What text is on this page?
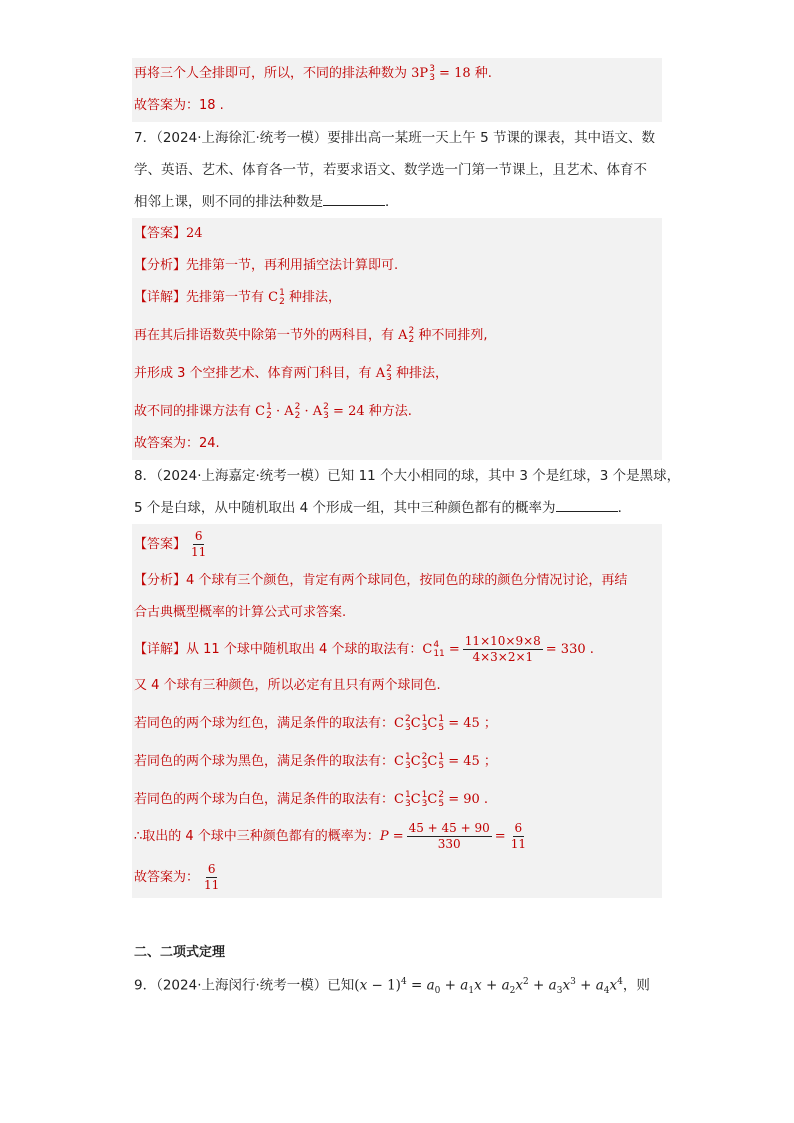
再将三个人全排即可，所以，不同的排法种数为 3P 3
3 = 18 种.
故答案为：18 .
7．（2024·上海徐汇·统考一模）要排出高一某班一天上午 5 节课的课表，其中语文、数
学、英语、艺术、体育各一节，若要求语文、数学选一门第一节课上，且艺术、体育不
相邻上课，则不同的排法种数是	．
【答案】24
【分析】先排第一节，再利用插空法计算即可.
【详解】先排第一节有 C 1
2 种排法，
再在其后排语数英中除第一节外的两科目，有 A 2
2 种不同排列,
并形成 3 个空排艺术、体育两门科目，有 A 2
3 种排法，
故不同的排课方法有 C 1
2 · A 2
2 · A 2
3 = 24 种方法.
故答案为：24.
8．（2024·上海嘉定·统考一模）已知 11 个大小相同的球，其中 3 个是红球，3 个是黑球，
5 个是白球，从中随机取出 4 个形成一组，其中三种颜色都有的概率为	．
【答案】 $\frac{6}{11}$
【分析】4 个球有三个颜色，肯定有两个球同色，按同色的球的颜色分情况讨论，再结
合古典概型概率的计算公式可求答案.
【详解】从 11 个球中随机取出 4 个球的取法有：C 4
$11 = \frac{11\times 10\times 9\times 8}{4\times 3\times 2\times 1} = 330$ .
又 4 个球有三种颜色，所以必定有且只有两个球同色.
若同色的两个球为红色，满足条件的取法有：C 2
3 C 1
3 C 1
5 = 45 ；
若同色的两个球为黑色，满足条件的取法有：C 1
3 C 2
3 C 1
5 = 45 ；
若同色的两个球为白色，满足条件的取法有：C 1
3 C 1
3 C 2
5 = 90 .
∴取出的 4 个球中三种颜色都有的概率为：$P = \frac{45 + 45 + 90}{330} = \frac{6}{11}$
故答案为： $\frac{6}{11}$
二、二项式定理
9．（2024·上海闵行·统考一模）已知$(x - 1)^4 = a_0 + a_1x + a_2x^2 + a_3x^3 + a_4x^4$，则
